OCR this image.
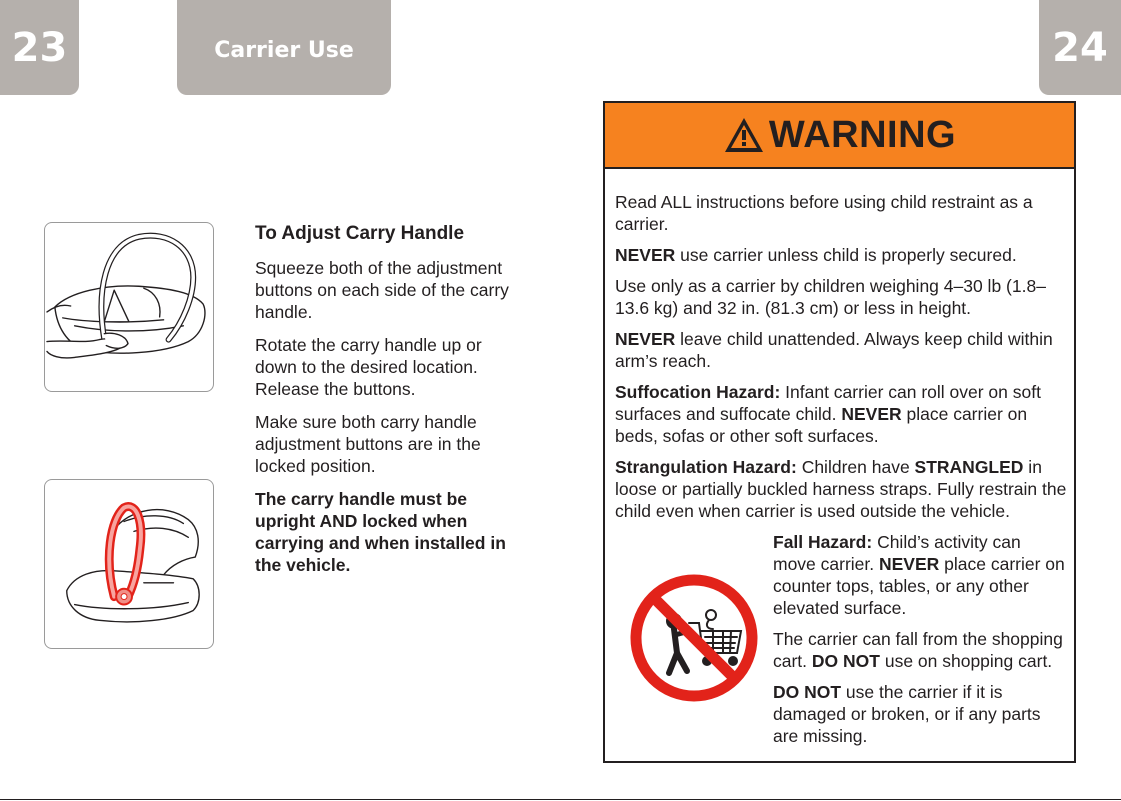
23	Carrier Use	24
To Adjust Carry Handle

Squeeze both of the adjustment buttons on each side of the carry handle.

Rotate the carry handle up or down to the desired location. Release the buttons.

Make sure both carry handle adjustment buttons are in the locked position.

The carry handle must be upright AND locked when carrying and when installed in the vehicle.

WARNING

Read ALL instructions before using child restraint as a carrier.

NEVER use carrier unless child is properly secured.

Use only as a carrier by children weighing 4–30 lb (1.8–13.6 kg) and 32 in. (81.3 cm) or less in height.

NEVER leave child unattended. Always keep child within arm’s reach.

Suffocation Hazard: Infant carrier can roll over on soft surfaces and suffocate child. NEVER place carrier on beds, sofas or other soft surfaces.

Strangulation Hazard: Children have STRANGLED in loose or partially buckled harness straps. Fully restrain the child even when carrier is used outside the vehicle.

Fall Hazard: Child’s activity can move carrier. NEVER place carrier on counter tops, tables, or any other elevated surface.

The carrier can fall from the shopping cart. DO NOT use on shopping cart.

DO NOT use the carrier if it is damaged or broken, or if any parts are missing.
